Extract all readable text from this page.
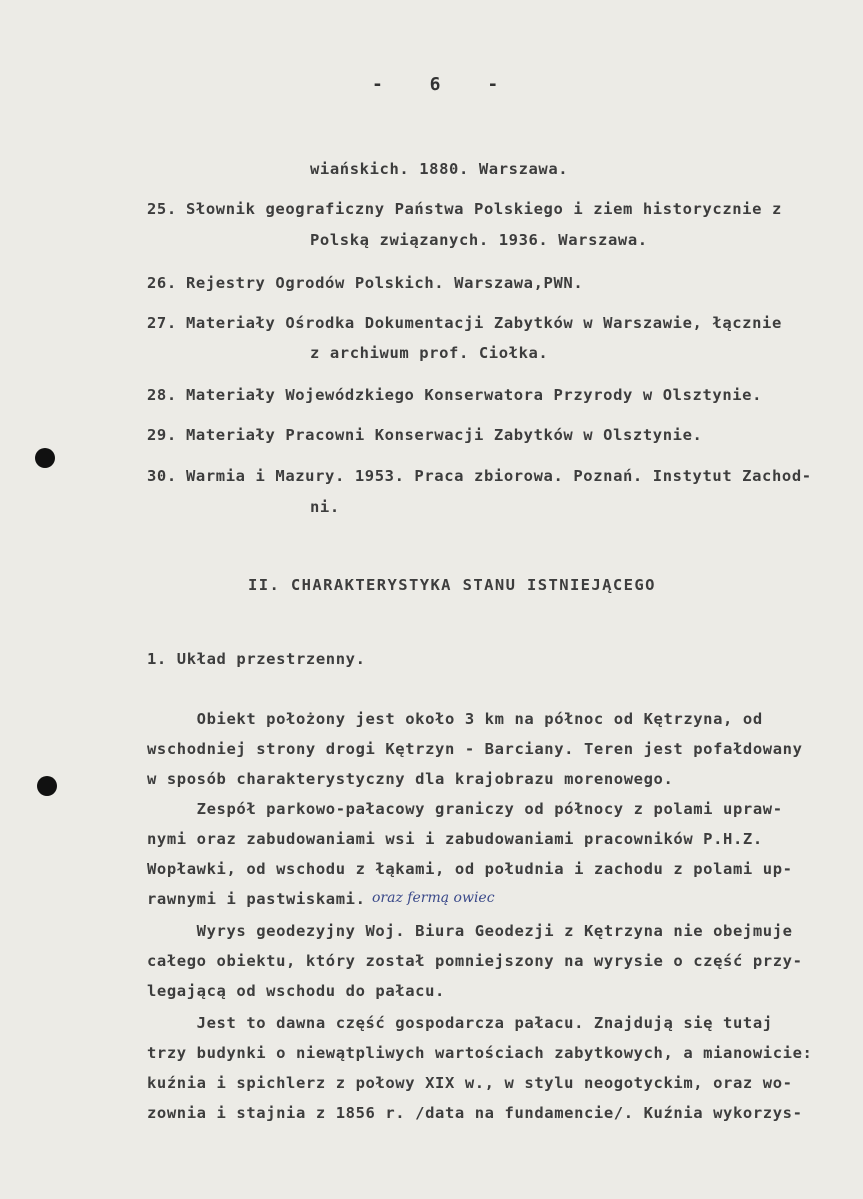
- 6 -
wiańskich. 1880. Warszawa.
25. Słownik geograficzny Państwa Polskiego i ziem historycznie z
Polską związanych. 1936. Warszawa.
26. Rejestry Ogrodów Polskich. Warszawa,PWN.
27. Materiały Ośrodka Dokumentacji Zabytków w Warszawie, łącznie
z archiwum prof. Ciołka.
28. Materiały Wojewódzkiego Konserwatora Przyrody w Olsztynie.
29. Materiały Pracowni Konserwacji Zabytków w Olsztynie.
30. Warmia i Mazury. 1953. Praca zbiorowa. Poznań. Instytut Zachod-
ni.
II. CHARAKTERYSTYKA STANU ISTNIEJĄCEGO
1. Układ przestrzenny.
Obiekt położony jest około 3 km na północ od Kętrzyna, od
wschodniej strony drogi Kętrzyn - Barciany. Teren jest pofałdowany
w sposób charakterystyczny dla krajobrazu morenowego.
Zespół parkowo-pałacowy graniczy od północy z polami upraw-
nymi oraz zabudowaniami wsi i zabudowaniami pracowników P.H.Z.
Wopławki, od wschodu z łąkami, od południa i zachodu z polami up-
rawnymi i pastwiskami. oraz fermą owiec
Wyrys geodezyjny Woj. Biura Geodezji z Kętrzyna nie obejmuje
całego obiektu, który został pomniejszony na wyrysie o część przy-
legającą od wschodu do pałacu.
Jest to dawna część gospodarcza pałacu. Znajdują się tutaj
trzy budynki o niewątpliwych wartościach zabytkowych, a mianowicie:
kuźnia i spichlerz z połowy XIX w., w stylu neogotyckim, oraz wo-
zownia i stajnia z 1856 r. /data na fundamencie/. Kuźnia wykorzys-
